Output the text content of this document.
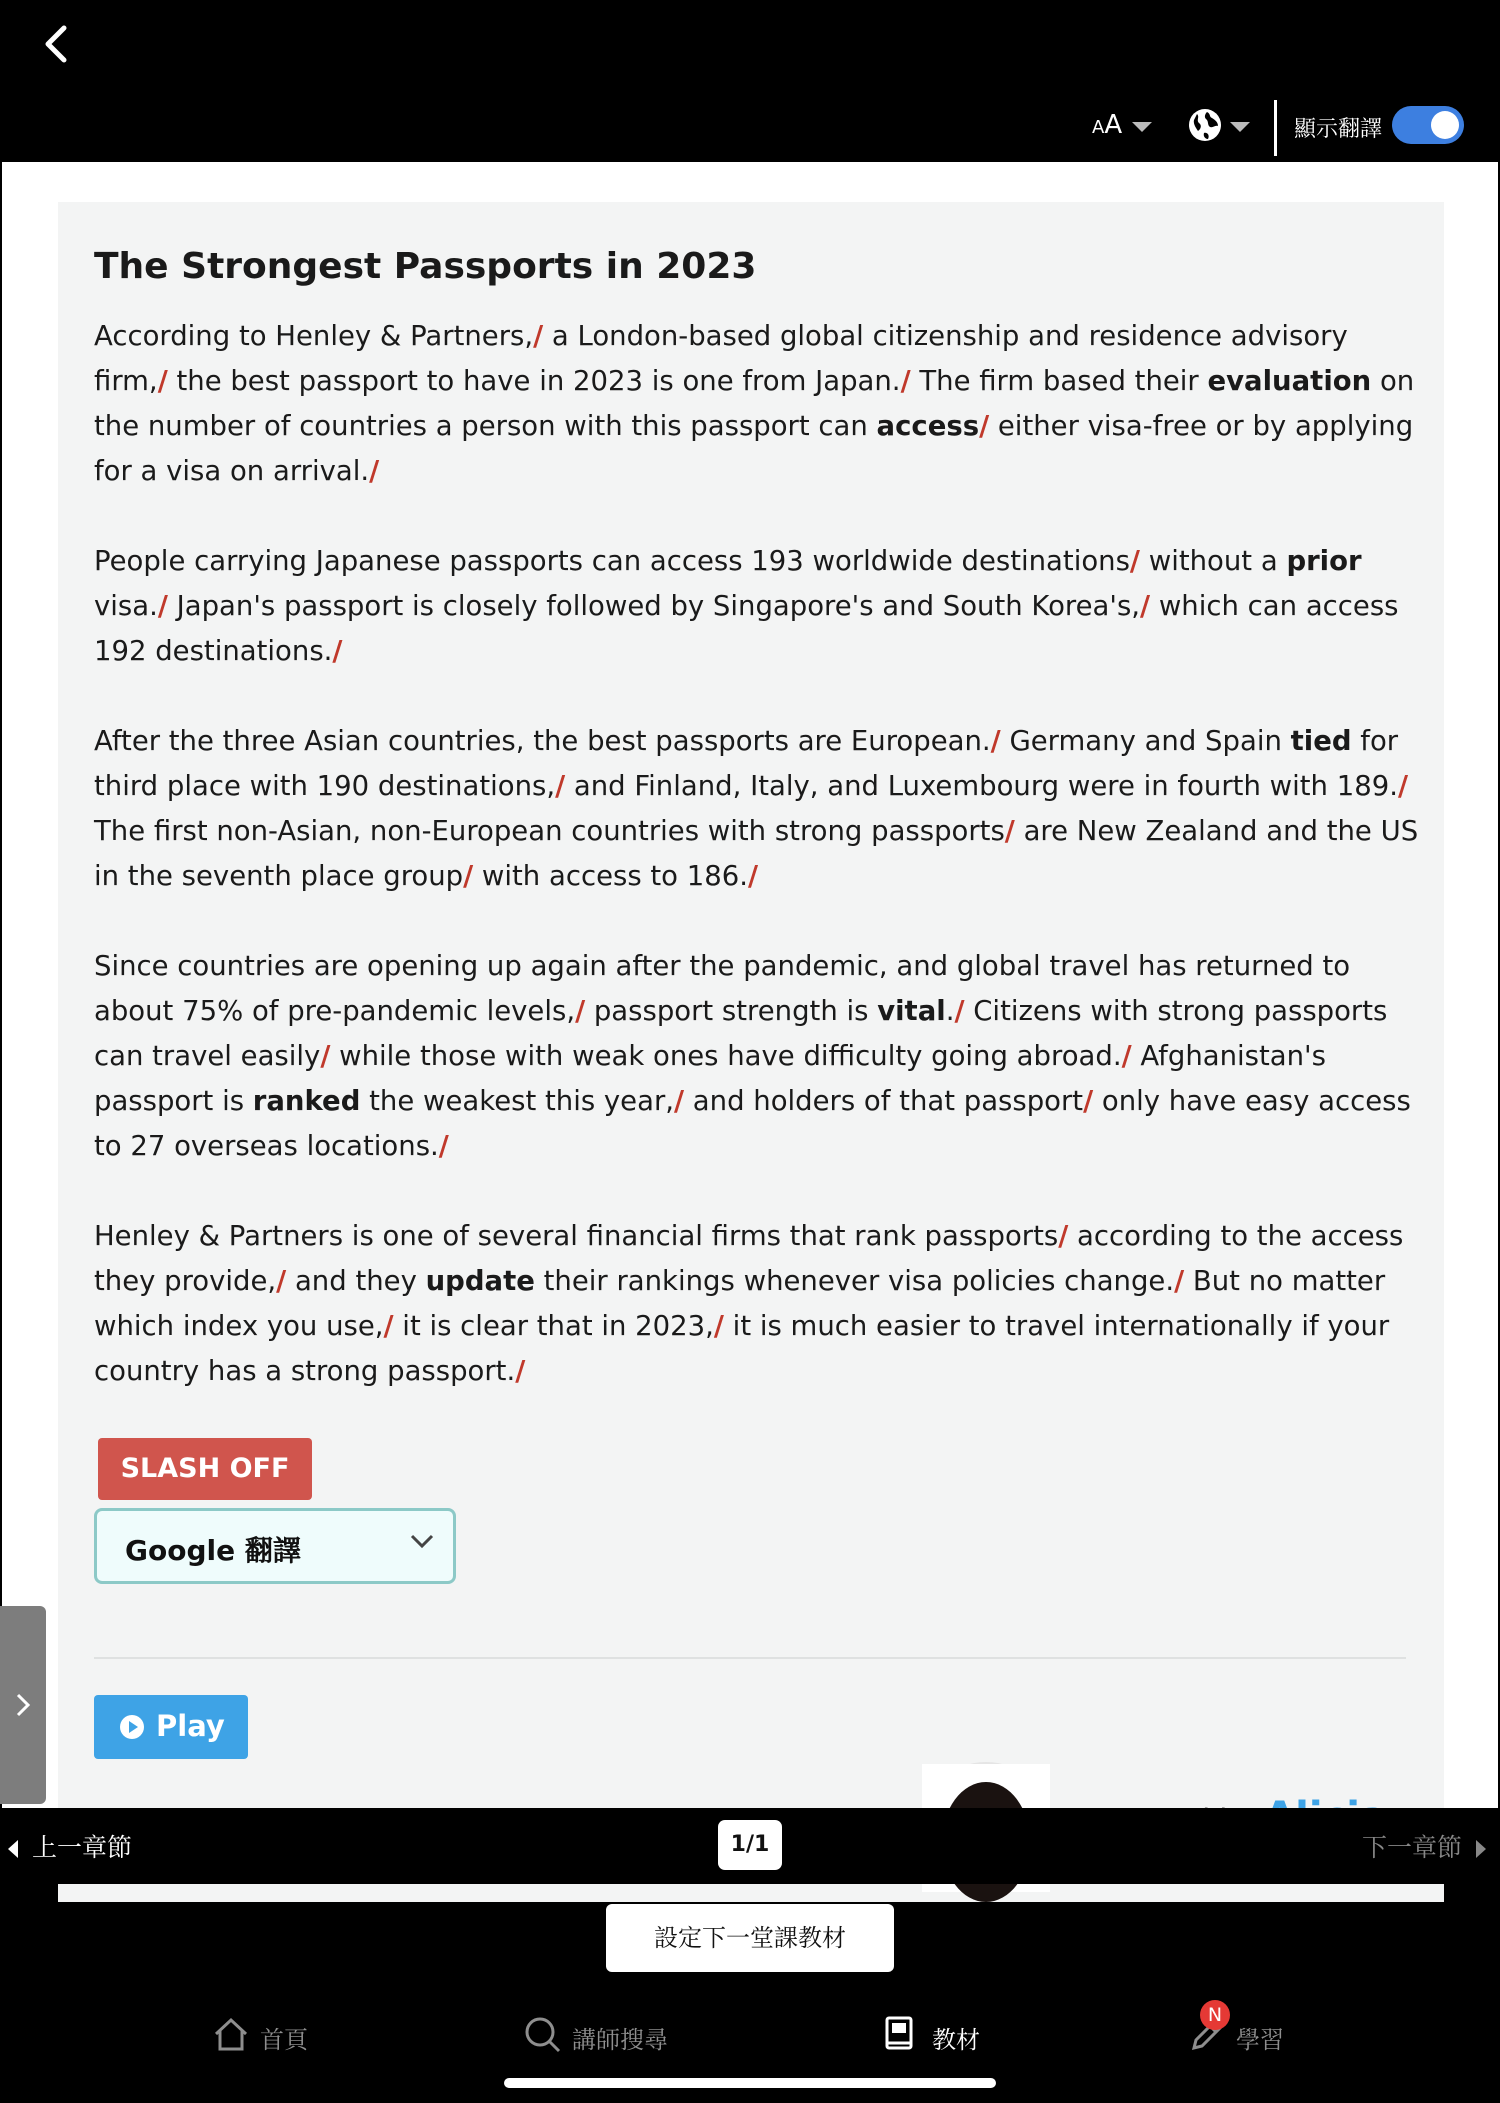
AA	顯示翻譯
The Strongest Passports in 2023

According to Henley & Partners,/ a London-based global citizenship and residence advisory firm,/ the best passport to have in 2023 is one from Japan./ The firm based their evaluation on the number of countries a person with this passport can access/ either visa-free or by applying for a visa on arrival./

People carrying Japanese passports can access 193 worldwide destinations/ without a prior visa./ Japan's passport is closely followed by Singapore's and South Korea's,/ which can access 192 destinations./

After the three Asian countries, the best passports are European./ Germany and Spain tied for third place with 190 destinations,/ and Finland, Italy, and Luxembourg were in fourth with 189./ The first non-Asian, non-European countries with strong passports/ are New Zealand and the US in the seventh place group/ with access to 186./

Since countries are opening up again after the pandemic, and global travel has returned to about 75% of pre-pandemic levels,/ passport strength is vital./ Citizens with strong passports can travel easily/ while those with weak ones have difficulty going abroad./ Afghanistan's passport is ranked the weakest this year,/ and holders of that passport/ only have easy access to 27 overseas locations./

Henley & Partners is one of several financial firms that rank passports/ according to the access they provide,/ and they update their rankings whenever visa policies change./ But no matter which index you use,/ it is clear that in 2023,/ it is much easier to travel internationally if your country has a strong passport./

SLASH OFF
Google 翻譯
Play
上一章節	1/1	下一章節
設定下一堂課教材
首頁	講師搜尋	教材	學習
N
